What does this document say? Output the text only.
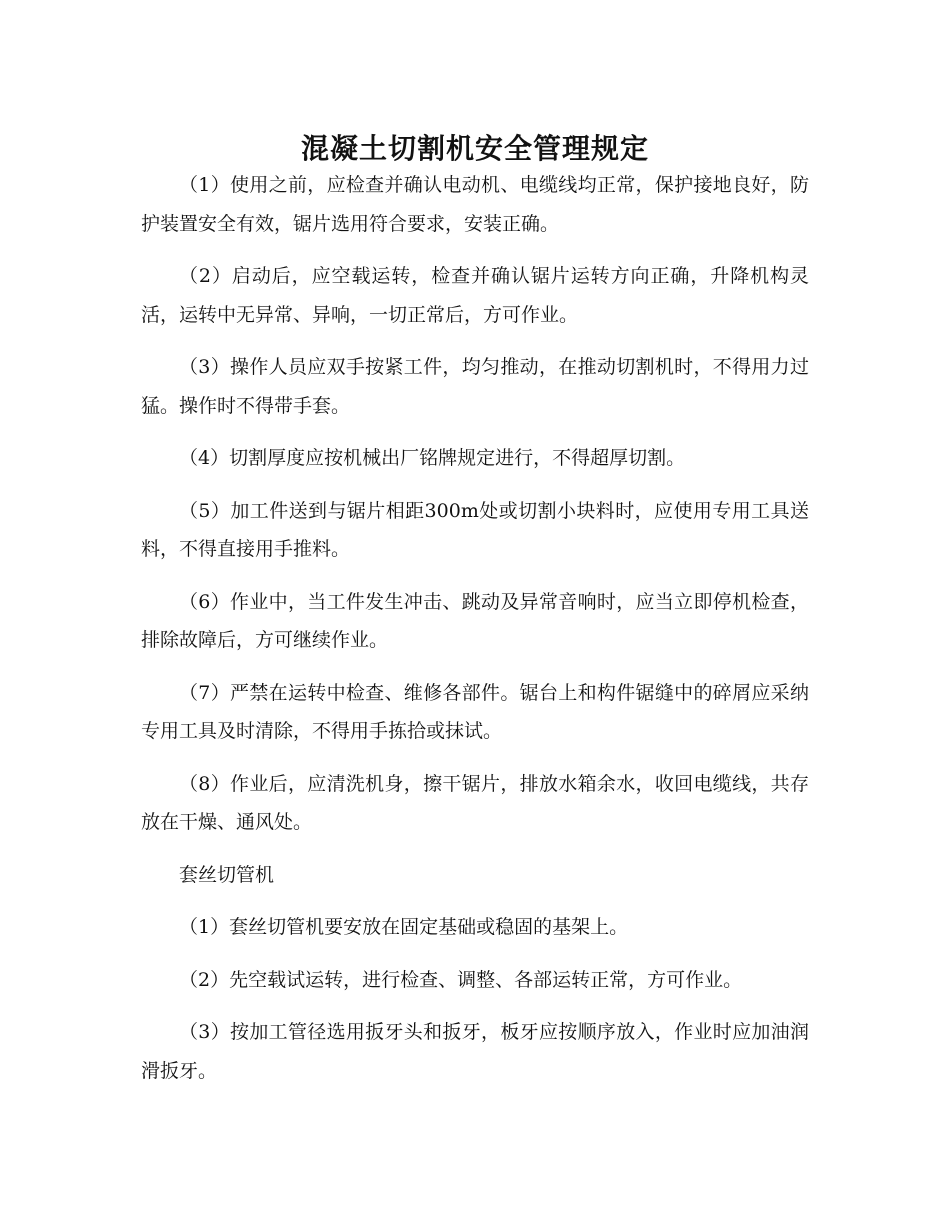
混凝土切割机安全管理规定

（1）使用之前，应检查并确认电动机、电缆线均正常，保护接地良好，防护装置安全有效，锯片选用符合要求，安装正确。

（2）启动后，应空载运转，检查并确认锯片运转方向正确，升降机构灵活，运转中无异常、异响，一切正常后，方可作业。

（3）操作人员应双手按紧工件，均匀推动，在推动切割机时，不得用力过猛。操作时不得带手套。

（4）切割厚度应按机械出厂铭牌规定进行，不得超厚切割。

（5）加工件送到与锯片相距300m处或切割小块料时，应使用专用工具送料，不得直接用手推料。

（6）作业中，当工件发生冲击、跳动及异常音响时，应当立即停机检查，排除故障后，方可继续作业。

（7）严禁在运转中检查、维修各部件。锯台上和构件锯缝中的碎屑应采纳专用工具及时清除，不得用手拣拾或抹试。

（8）作业后，应清洗机身，擦干锯片，排放水箱余水，收回电缆线，共存放在干燥、通风处。

套丝切管机

（1）套丝切管机要安放在固定基础或稳固的基架上。

（2）先空载试运转，进行检查、调整、各部运转正常，方可作业。

（3）按加工管径选用扳牙头和扳牙，板牙应按顺序放入，作业时应加油润滑扳牙。
